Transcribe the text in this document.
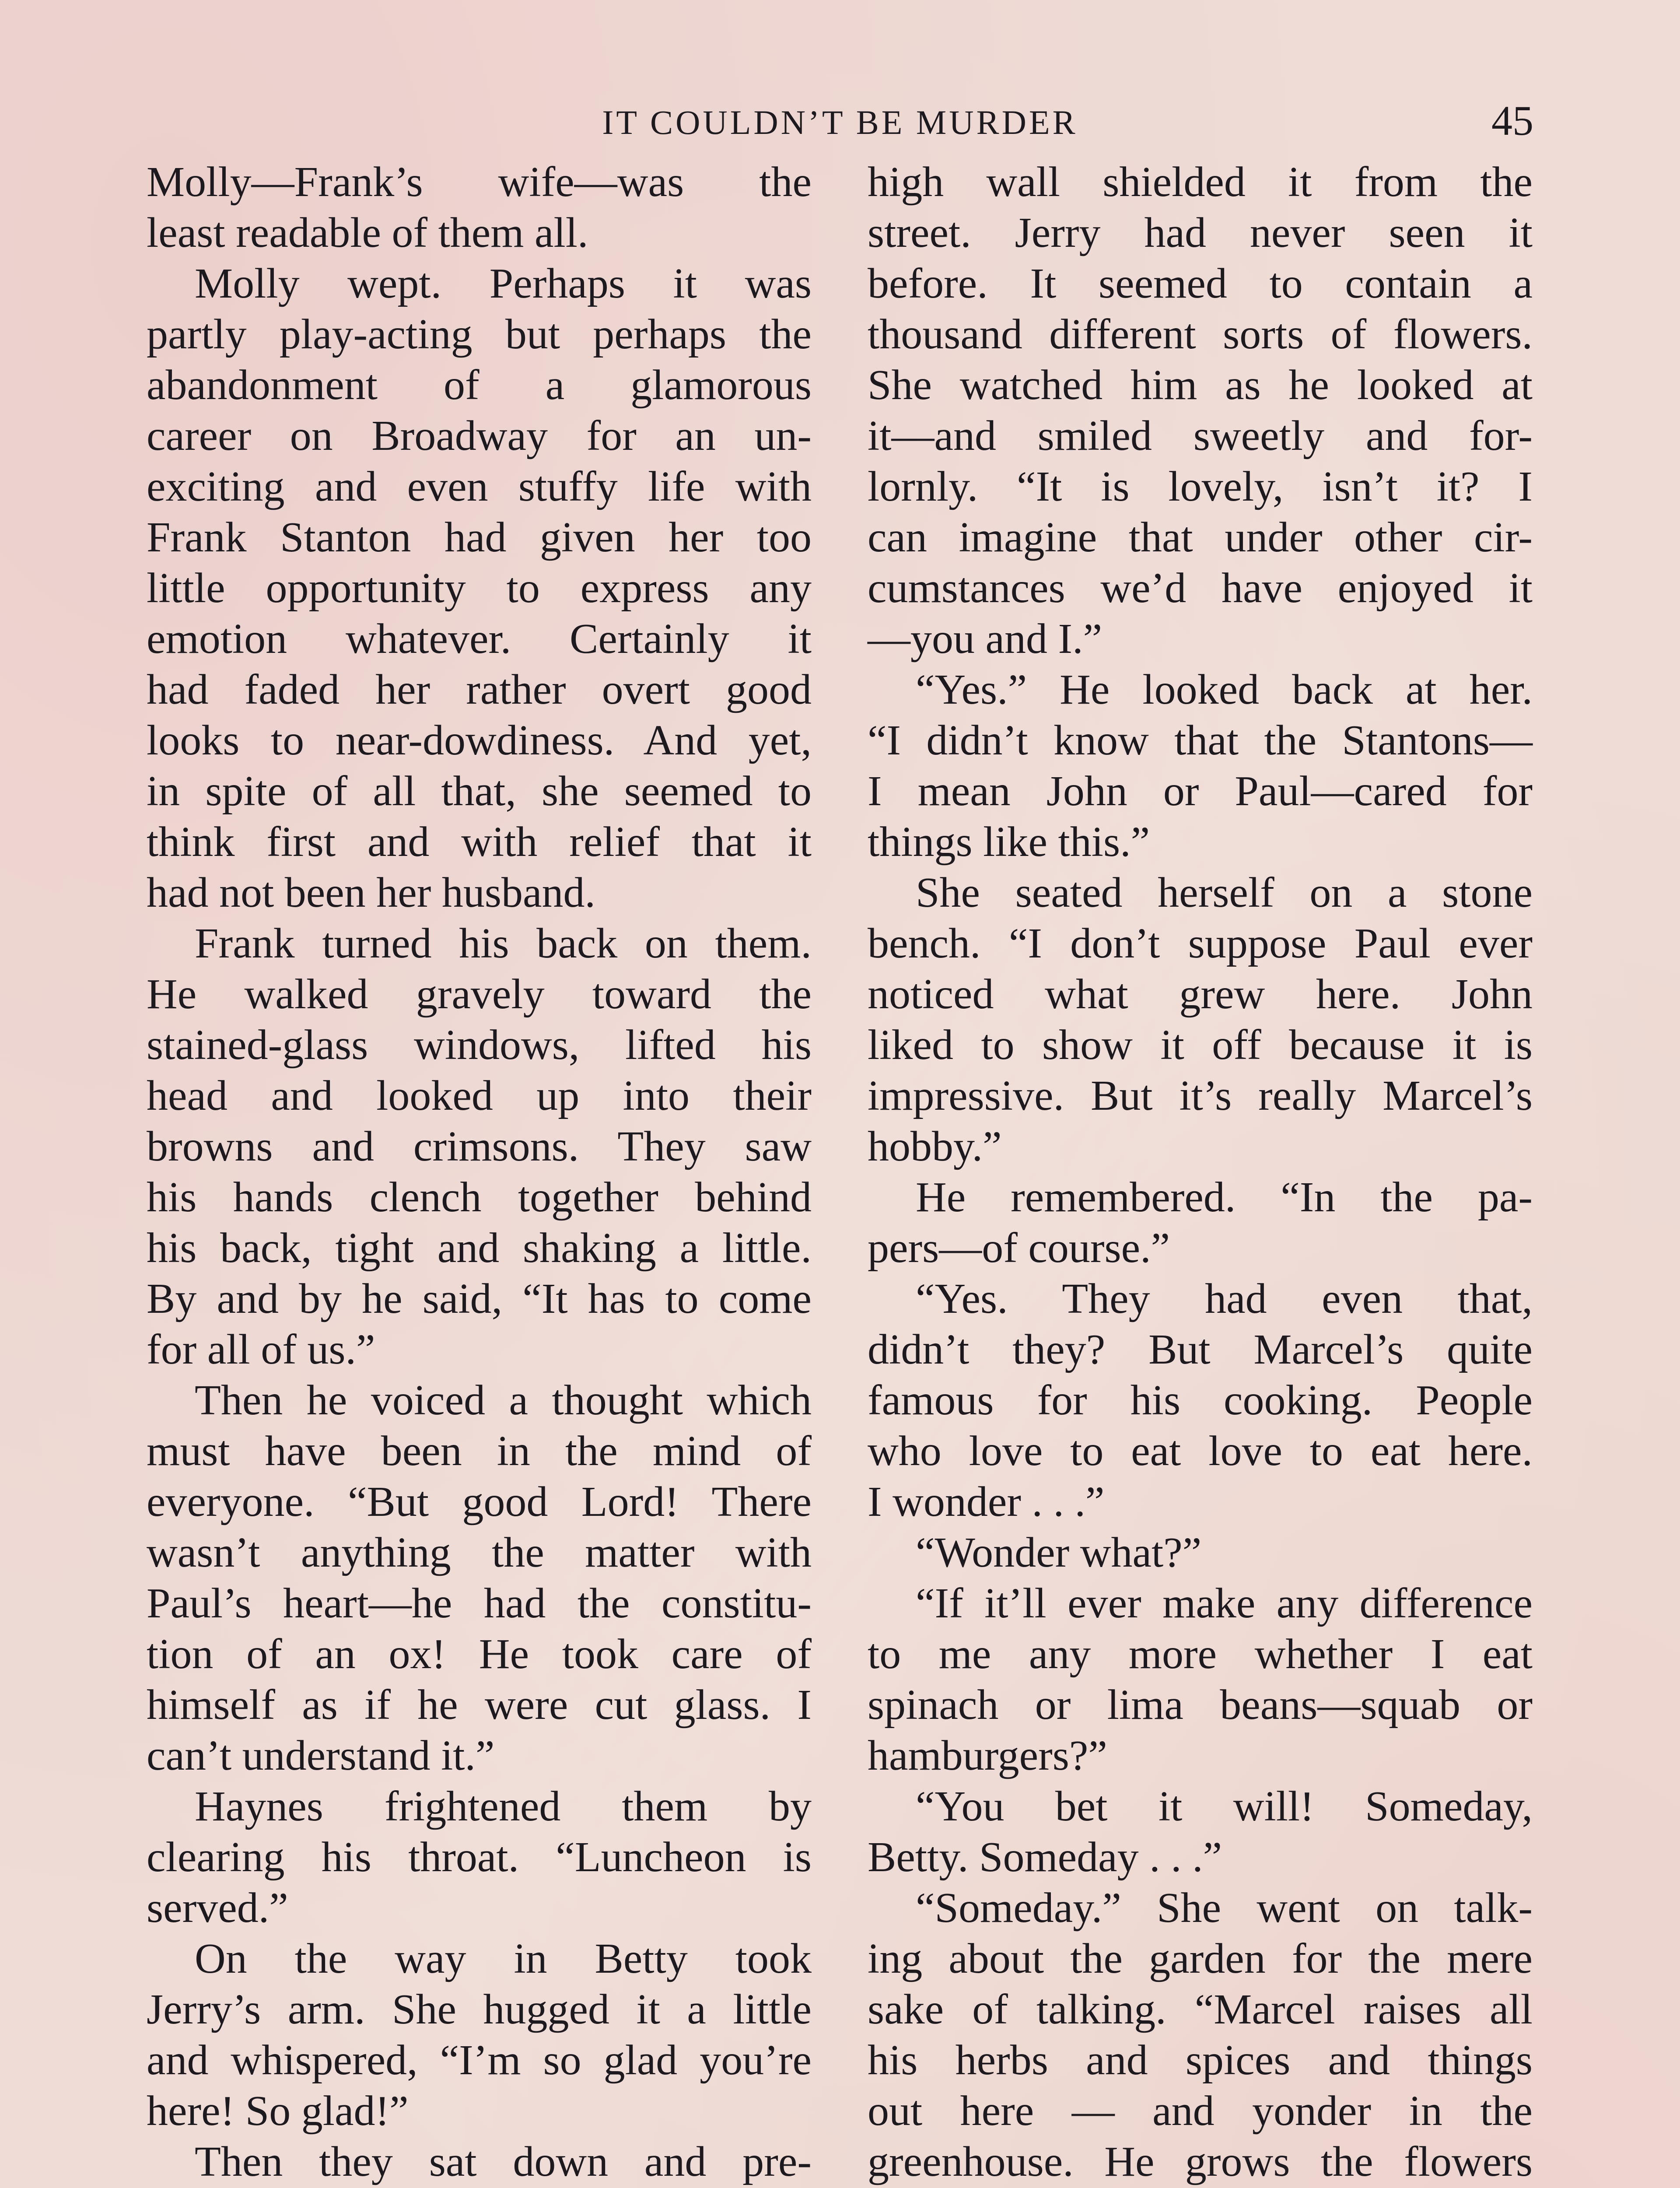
IT COULDN’T BE MURDER	45
Molly—Frank’s wife—was the
least readable of them all.
Molly wept. Perhaps it was
partly play-acting but perhaps the
abandonment of a glamorous
career on Broadway for an un-
exciting and even stuffy life with
Frank Stanton had given her too
little opportunity to express any
emotion whatever. Certainly it
had faded her rather overt good
looks to near-dowdiness. And yet,
in spite of all that, she seemed to
think first and with relief that it
had not been her husband.
Frank turned his back on them.
He walked gravely toward the
stained-glass windows, lifted his
head and looked up into their
browns and crimsons. They saw
his hands clench together behind
his back, tight and shaking a little.
By and by he said, “It has to come
for all of us.”
Then he voiced a thought which
must have been in the mind of
everyone. “But good Lord! There
wasn’t anything the matter with
Paul’s heart—he had the constitu-
tion of an ox! He took care of
himself as if he were cut glass. I
can’t understand it.”
Haynes frightened them by
clearing his throat. “Luncheon is
served.”
On the way in Betty took
Jerry’s arm. She hugged it a little
and whispered, “I’m so glad you’re
here! So glad!”
Then they sat down and pre-
high wall shielded it from the
street. Jerry had never seen it
before. It seemed to contain a
thousand different sorts of flowers.
She watched him as he looked at
it—and smiled sweetly and for-
lornly. “It is lovely, isn’t it? I
can imagine that under other cir-
cumstances we’d have enjoyed it
—you and I.”
“Yes.” He looked back at her.
“I didn’t know that the Stantons—
I mean John or Paul—cared for
things like this.”
She seated herself on a stone
bench. “I don’t suppose Paul ever
noticed what grew here. John
liked to show it off because it is
impressive. But it’s really Marcel’s
hobby.”
He remembered. “In the pa-
pers—of course.”
“Yes. They had even that,
didn’t they? But Marcel’s quite
famous for his cooking. People
who love to eat love to eat here.
I wonder . . .”
“Wonder what?”
“If it’ll ever make any difference
to me any more whether I eat
spinach or lima beans—squab or
hamburgers?”
“You bet it will! Someday,
Betty. Someday . . .”
“Someday.” She went on talk-
ing about the garden for the mere
sake of talking. “Marcel raises all
his herbs and spices and things
out here — and yonder in the
greenhouse. He grows the flowers
